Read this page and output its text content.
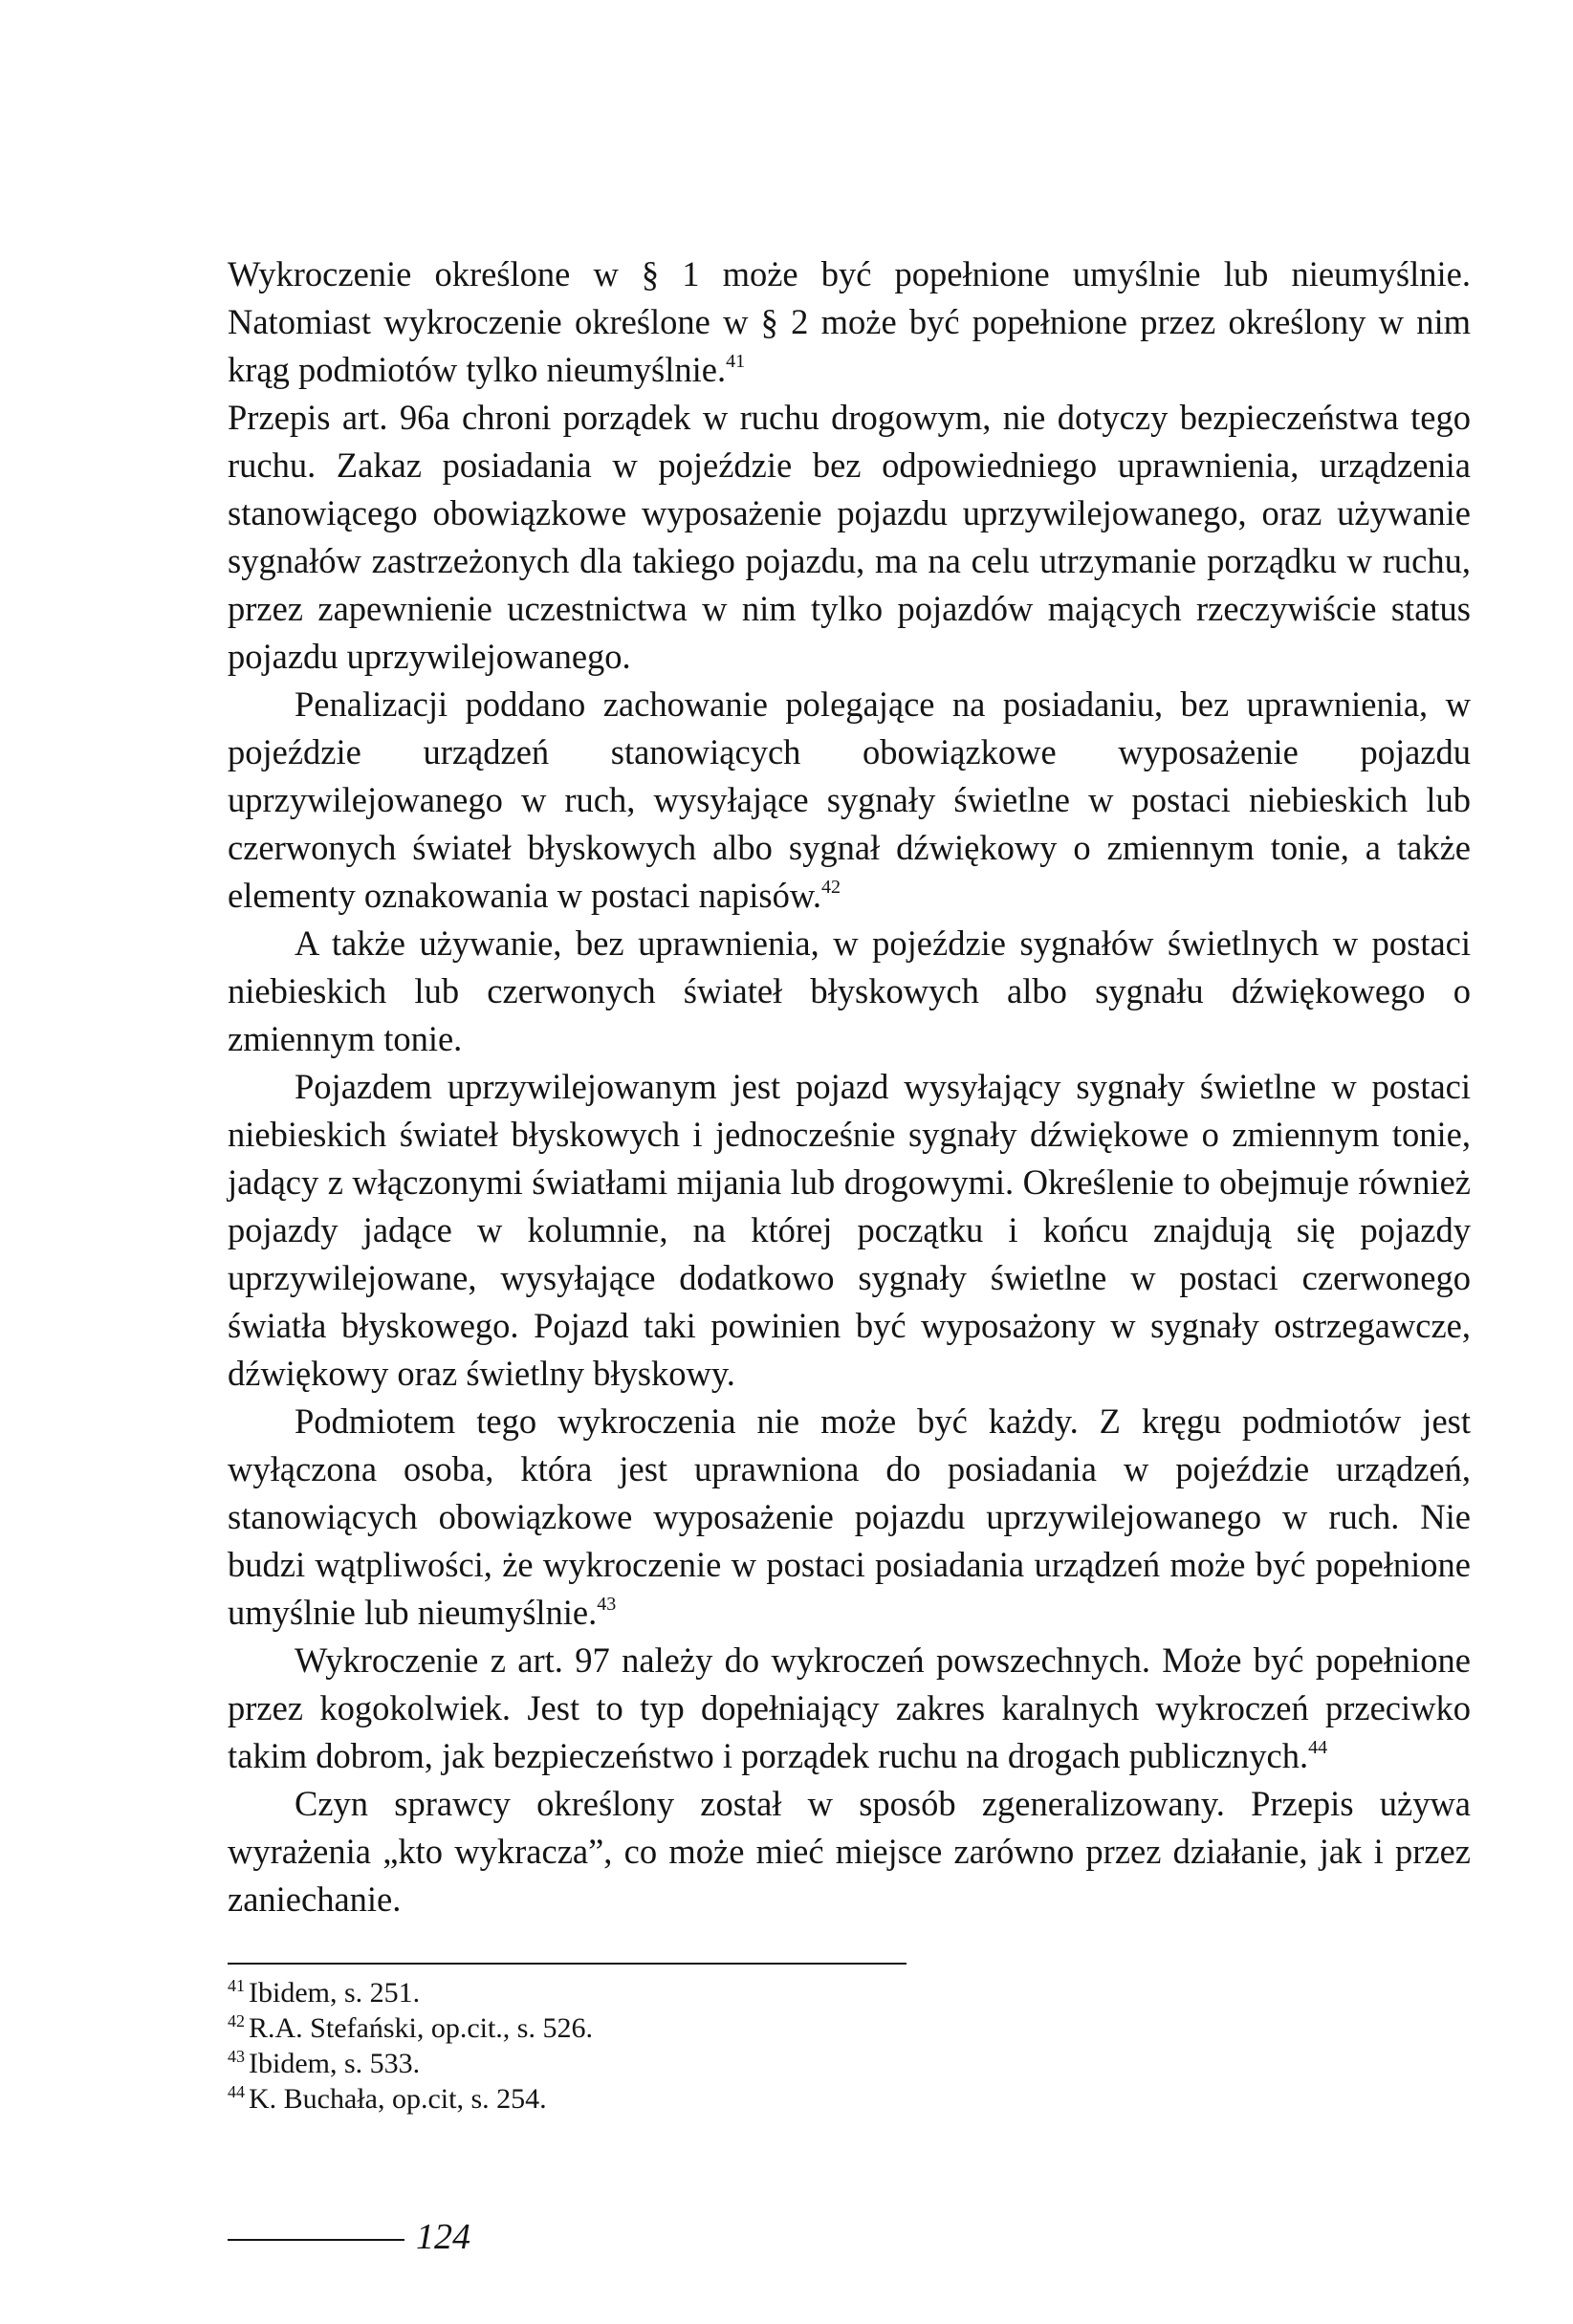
Wykroczenie określone w § 1 może być popełnione umyślnie lub nieumyślnie. Natomiast wykroczenie określone w § 2 może być popełnione przez określony w nim krąg podmiotów tylko nieumyślnie.$^{41}$

Przepis art. 96a chroni porządek w ruchu drogowym, nie dotyczy bezpieczeństwa tego ruchu. Zakaz posiadania w pojeździe bez odpowiedniego uprawnienia, urządzenia stanowiącego obowiązkowe wyposażenie pojazdu uprzywilejowanego, oraz używanie sygnałów zastrzeżonych dla takiego pojazdu, ma na celu utrzymanie porządku w ruchu, przez zapewnienie uczestnictwa w nim tylko pojazdów mających rzeczywiście status pojazdu uprzywilejowanego.

Penalizacji poddano zachowanie polegające na posiadaniu, bez uprawnienia, w pojeździe urządzeń stanowiących obowiązkowe wyposażenie pojazdu uprzywilejowanego w ruch, wysyłające sygnały świetlne w postaci niebieskich lub czerwonych świateł błyskowych albo sygnał dźwiękowy o zmiennym tonie, a także elementy oznakowania w postaci napisów.$^{42}$

A także używanie, bez uprawnienia, w pojeździe sygnałów świetlnych w postaci niebieskich lub czerwonych świateł błyskowych albo sygnału dźwiękowego o zmiennym tonie.

Pojazdem uprzywilejowanym jest pojazd wysyłający sygnały świetlne w postaci niebieskich świateł błyskowych i jednocześnie sygnały dźwiękowe o zmiennym tonie, jadący z włączonymi światłami mijania lub drogowymi. Określenie to obejmuje również pojazdy jadące w kolumnie, na której początku i końcu znajdują się pojazdy uprzywilejowane, wysyłające dodatkowo sygnały świetlne w postaci czerwonego światła błyskowego. Pojazd taki powinien być wyposażony w sygnały ostrzegawcze, dźwiękowy oraz świetlny błyskowy.

Podmiotem tego wykroczenia nie może być każdy. Z kręgu podmiotów jest wyłączona osoba, która jest uprawniona do posiadania w pojeździe urządzeń, stanowiących obowiązkowe wyposażenie pojazdu uprzywilejowanego w ruch. Nie budzi wątpliwości, że wykroczenie w postaci posiadania urządzeń może być popełnione umyślnie lub nieumyślnie.$^{43}$

Wykroczenie z art. 97 należy do wykroczeń powszechnych. Może być popełnione przez kogokolwiek. Jest to typ dopełniający zakres karalnych wykroczeń przeciwko takim dobrom, jak bezpieczeństwo i porządek ruchu na drogach publicznych.$^{44}$

Czyn sprawcy określony został w sposób zgeneralizowany. Przepis używa wyrażenia „kto wykracza”, co może mieć miejsce zarówno przez działanie, jak i przez zaniechanie.

$^{41}$ Ibidem, s. 251.

$^{42}$ R.A. Stefański, op.cit., s. 526.

$^{43}$ Ibidem, s. 533.

$^{44}$ K. Buchała, op.cit, s. 254.

124
